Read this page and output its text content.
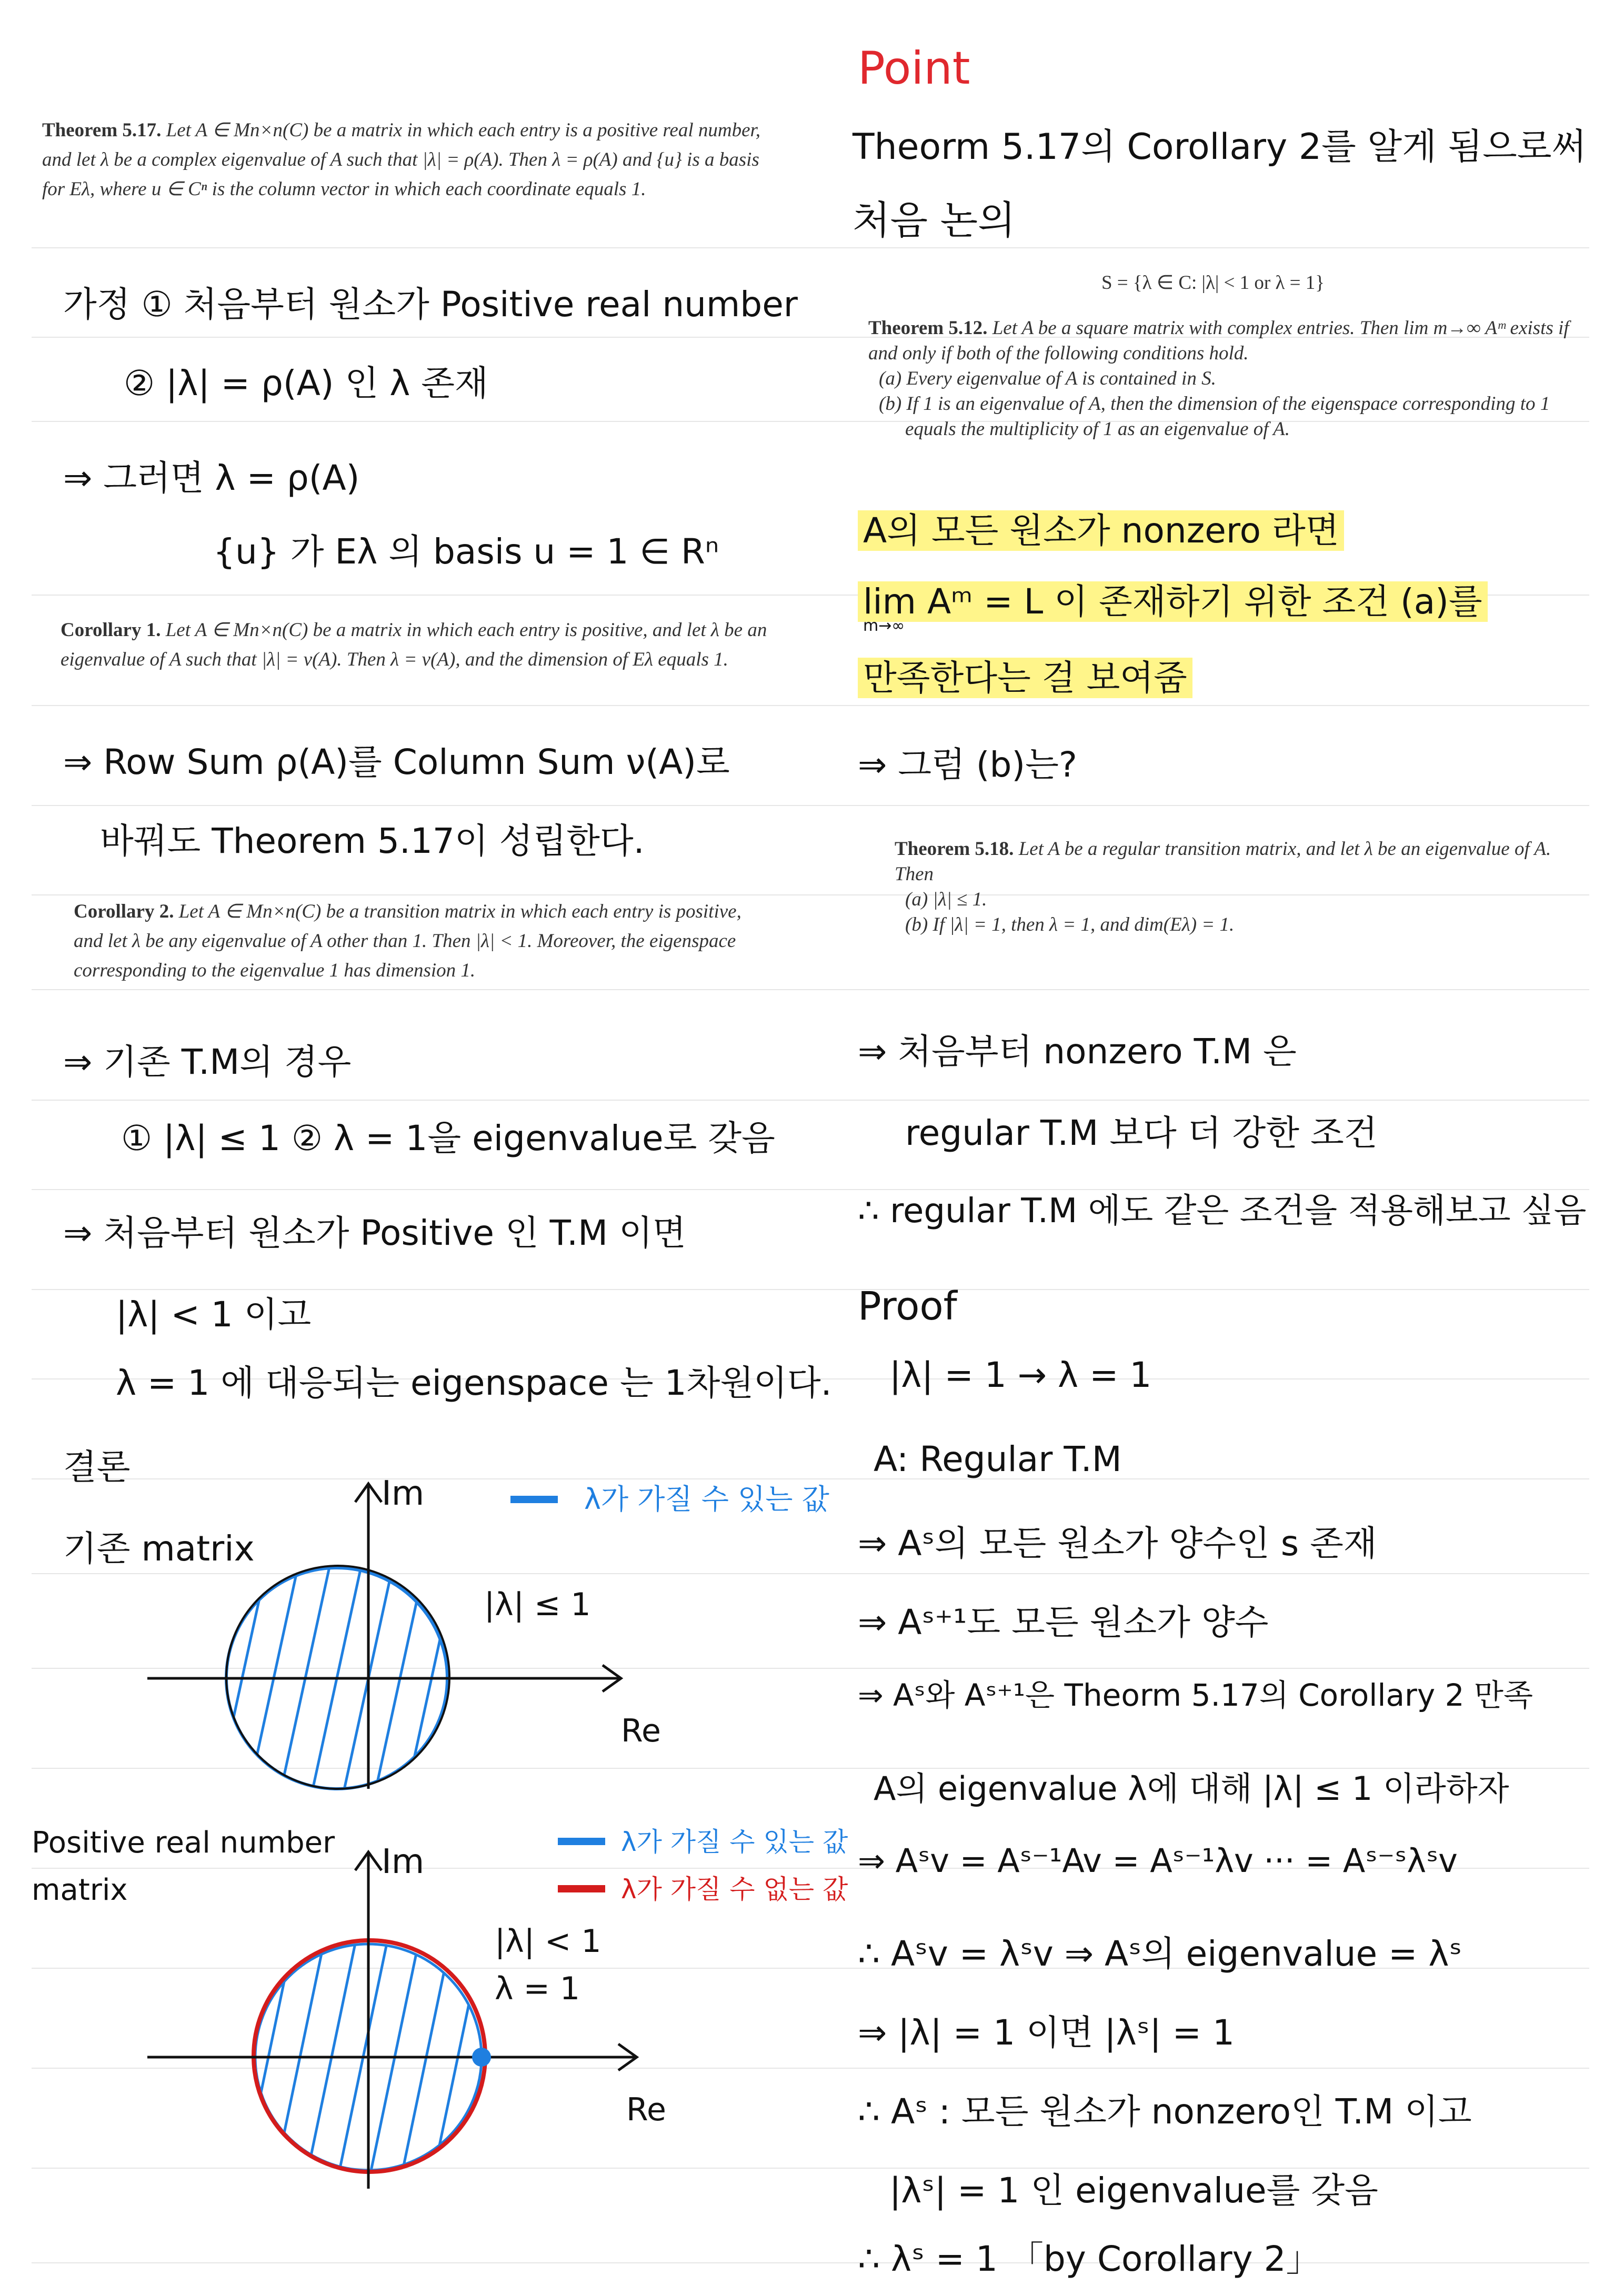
Theorem 5.17. Let A ∈ Mn×n(C) be a matrix in which each entry is a positive real number, and let λ be a complex eigenvalue of A such that |λ| = ρ(A). Then λ = ρ(A) and {u} is a basis for Eλ, where u ∈ Cⁿ is the column vector in which each coordinate equals 1.
가정 ① 처음부터 원소가 Positive real number
② |λ| = ρ(A) 인 λ 존재
⇒ 그러면 λ = ρ(A)
{u} 가 Eλ 의 basis u = 1 ∈ Rⁿ
Corollary 1. Let A ∈ Mn×n(C) be a matrix in which each entry is positive, and let λ be an eigenvalue of A such that |λ| = ν(A). Then λ = ν(A), and the dimension of Eλ equals 1.
⇒ Row Sum ρ(A)를 Column Sum ν(A)로
바꿔도 Theorem 5.17이 성립한다.
Corollary 2. Let A ∈ Mn×n(C) be a transition matrix in which each entry is positive, and let λ be any eigenvalue of A other than 1. Then |λ| < 1. Moreover, the eigenspace corresponding to the eigenvalue 1 has dimension 1.
⇒ 기존 T.M의 경우
① |λ| ≤ 1 ② λ = 1을 eigenvalue로 갖음
⇒ 처음부터 원소가 Positive 인 T.M 이면
|λ| < 1 이고
λ = 1 에 대응되는 eigenspace 는 1차원이다.
결론
기존 matrix
Im
Re
λ가 가질 수 있는 값
|λ| ≤ 1
Positive real number
matrix
Im
Re
λ가 가질 수 있는 값
λ가 가질 수 없는 값
|λ| < 1
λ = 1
Point
Theorm 5.17의 Corollary 2를 알게 됨으로써
처음 논의
S = {λ ∈ C: |λ| < 1 or λ = 1}
Theorem 5.12. Let A be a square matrix with complex entries. Then lim m→∞ Aᵐ exists if and only if both of the following conditions hold.
(a) Every eigenvalue of A is contained in S.
(b) If 1 is an eigenvalue of A, then the dimension of the eigenspace corresponding to 1 equals the multiplicity of 1 as an eigenvalue of A.
A의 모든 원소가 nonzero 라면
lim Aᵐ = L 이 존재하기 위한 조건 (a)를
m→∞
만족한다는 걸 보여줌
⇒ 그럼 (b)는?
Theorem 5.18. Let A be a regular transition matrix, and let λ be an eigenvalue of A. Then
(a) |λ| ≤ 1.
(b) If |λ| = 1, then λ = 1, and dim(Eλ) = 1.
⇒ 처음부터 nonzero T.M 은
regular T.M 보다 더 강한 조건
∴ regular T.M 에도 같은 조건을 적용해보고 싶음
Proof
|λ| = 1 → λ = 1
A: Regular T.M
⇒ Aˢ의 모든 원소가 양수인 s 존재
⇒ Aˢ⁺¹도 모든 원소가 양수
⇒ Aˢ와 Aˢ⁺¹은 Theorm 5.17의 Corollary 2 만족
A의 eigenvalue λ에 대해 |λ| ≤ 1 이라하자
⇒ Aˢv = Aˢ⁻¹Av = Aˢ⁻¹λv ··· = Aˢ⁻ˢλˢv
∴ Aˢv = λˢv ⇒ Aˢ의 eigenvalue = λˢ
⇒ |λ| = 1 이면 |λˢ| = 1
∴ Aˢ : 모든 원소가 nonzero인 T.M 이고
|λˢ| = 1 인 eigenvalue를 갖음
∴ λˢ = 1 「by Corollary 2」
